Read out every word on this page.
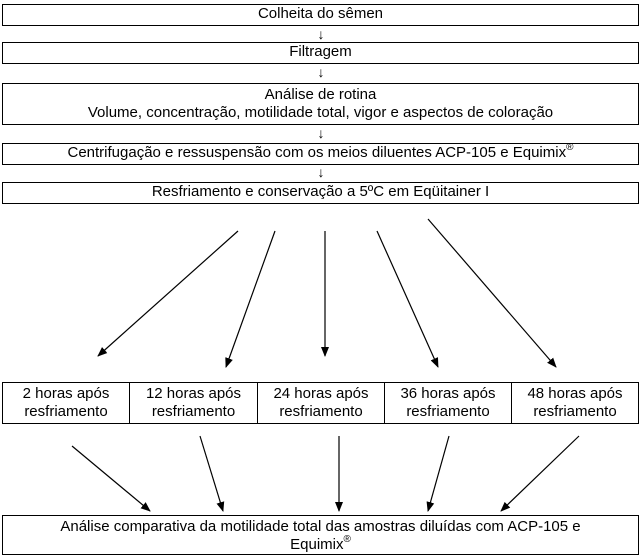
Colheita do sêmen
↓
Filtragem
↓
Análise de rotina
Volume, concentração, motilidade total, vigor e aspectos de coloração
↓
Centrifugação e ressuspensão com os meios diluentes ACP-105 e Equimix®
↓
Resfriamento e conservação a 5ºC em Eqüitainer I
2 horas após
resfriamento
12 horas após
resfriamento
24 horas após
resfriamento
36 horas após
resfriamento
48 horas após
resfriamento
Análise comparativa da motilidade total das amostras diluídas com ACP-105 e
Equimix®
